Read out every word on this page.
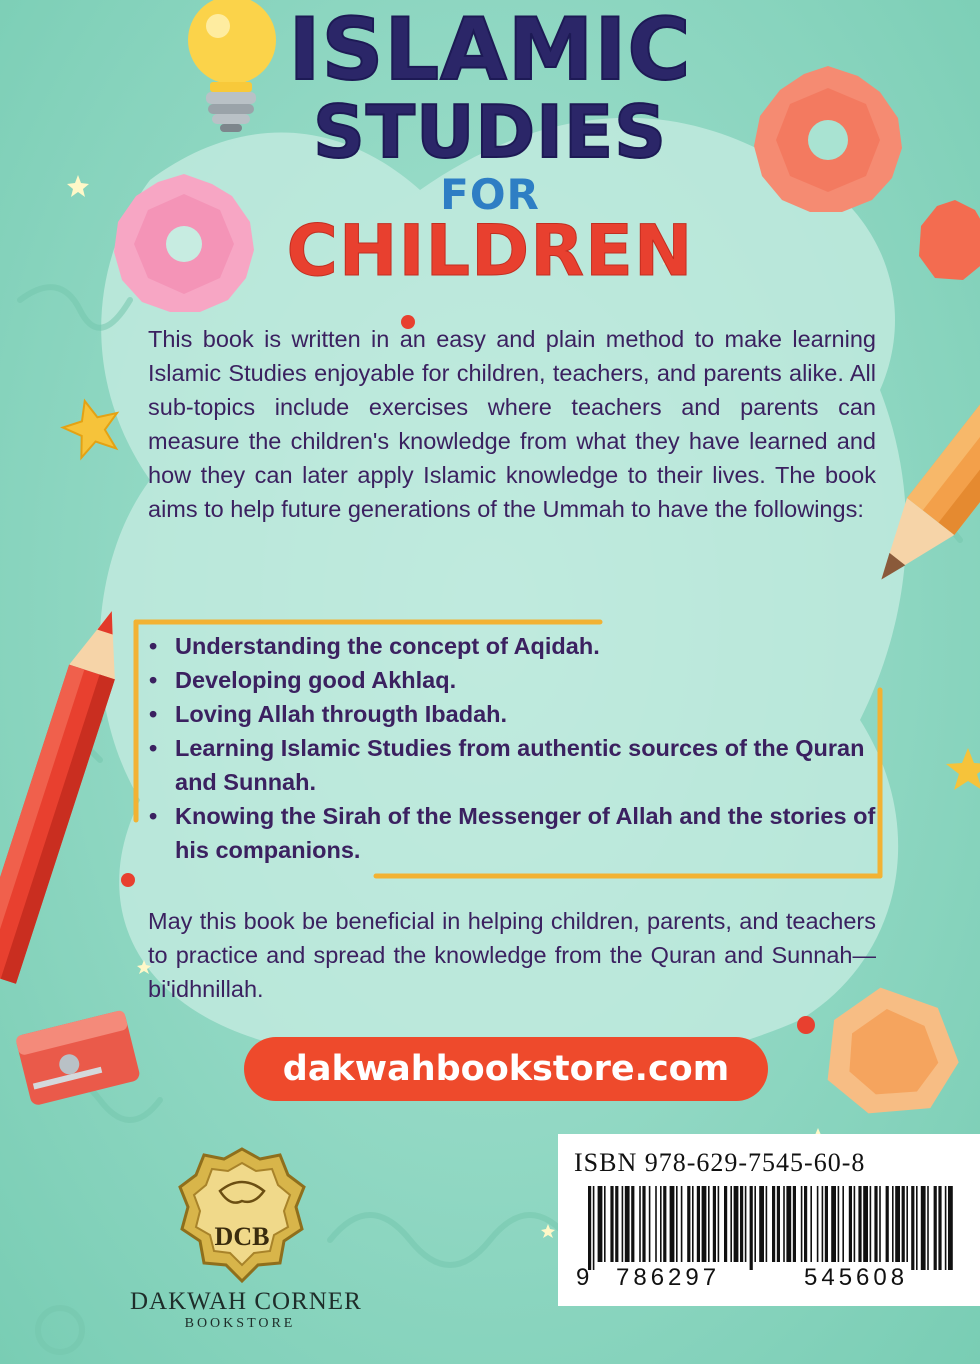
ISLAMIC
STUDIES
FOR
CHILDREN
This book is written in an easy and plain method to make learning Islamic Studies enjoyable for children, teachers, and parents alike. All sub-topics include exercises where teachers and parents can measure the children's knowledge from what they have learned and how they can later apply Islamic knowledge to their lives. The book aims to help future generations of the Ummah to have the followings:
• Understanding the concept of Aqidah.
• Developing good Akhlaq.
• Loving Allah througth Ibadah.
• Learning Islamic Studies from authentic sources of the Quran and Sunnah.
• Knowing the Sirah of the Messenger of Allah and the stories of his companions.
May this book be beneficial in helping children, parents, and teachers to practice and spread the knowledge from the Quran and Sunnah—bi'idhnillah.
dakwahbookstore.com
DCB
DAKWAH CORNER
BOOKSTORE
ISBN 978-629-7545-60-8
9 786297	545608
